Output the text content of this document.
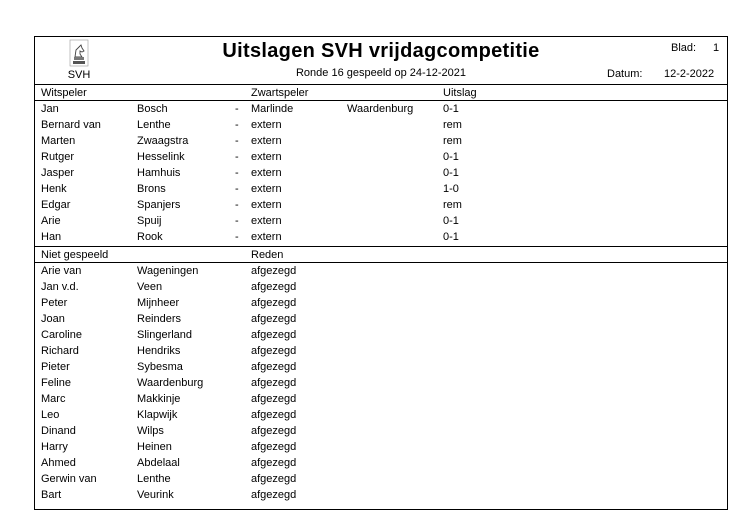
SVH
Uitslagen SVH vrijdagcompetitie
Ronde 16 gespeeld op 24-12-2021
Blad: 1
Datum: 12-2-2022
Witspeler	Zwartspeler	Uitslag
Jan	Bosch	- Marlinde	Waardenburg	0-1
Bernard van	Lenthe	- extern	rem
Marten	Zwaagstra	- extern	rem
Rutger	Hesselink	- extern	0-1
Jasper	Hamhuis	- extern	0-1
Henk	Brons	- extern	1-0
Edgar	Spanjers	- extern	rem
Arie	Spuij	- extern	0-1
Han	Rook	- extern	0-1
Niet gespeeld	Reden
Arie van	Wageningen	afgezegd
Jan v.d.	Veen	afgezegd
Peter	Mijnheer	afgezegd
Joan	Reinders	afgezegd
Caroline	Slingerland	afgezegd
Richard	Hendriks	afgezegd
Pieter	Sybesma	afgezegd
Feline	Waardenburg	afgezegd
Marc	Makkinje	afgezegd
Leo	Klapwijk	afgezegd
Dinand	Wilps	afgezegd
Harry	Heinen	afgezegd
Ahmed	Abdelaal	afgezegd
Gerwin van	Lenthe	afgezegd
Bart	Veurink	afgezegd
